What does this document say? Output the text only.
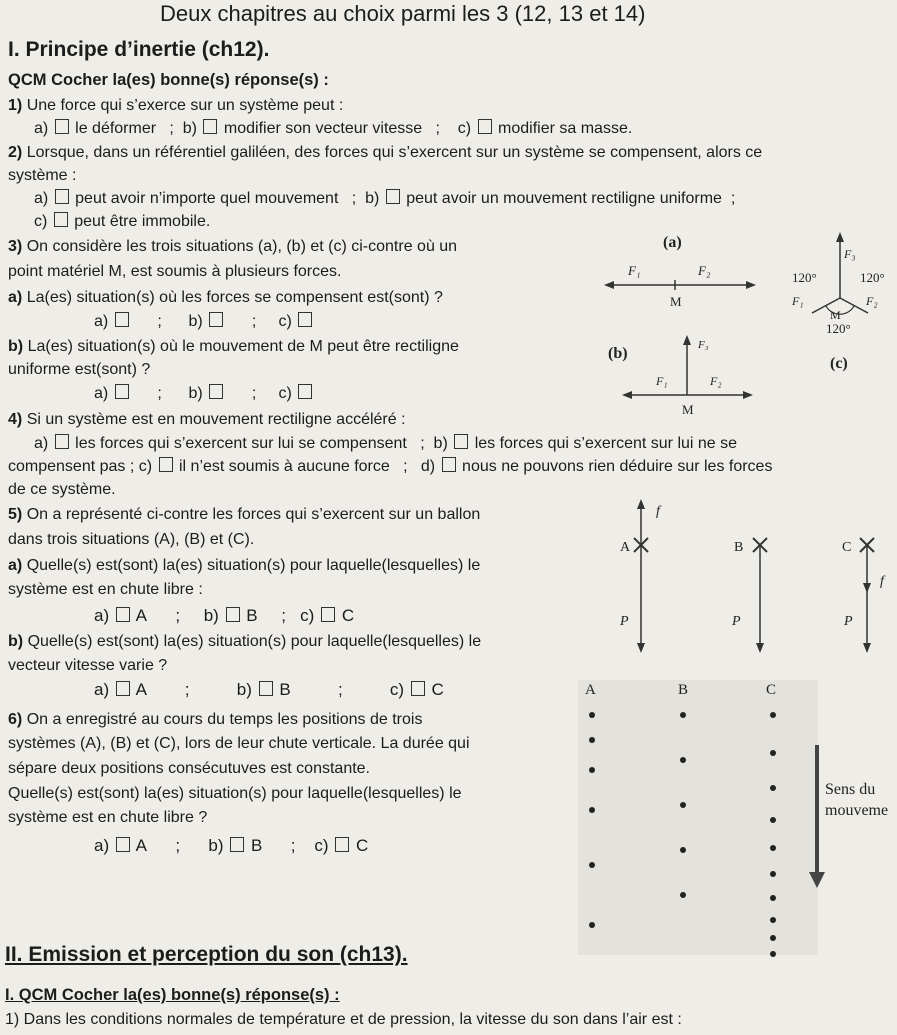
Deux chapitres au choix parmi les 3 (12, 13 et 14)
I. Principe d’inertie (ch12).
QCM Cocher la(es) bonne(s) réponse(s) :
1) Une force qui s’exerce sur un système peut :
a) le déformer ; b) modifier son vecteur vitesse ; c) modifier sa masse.
2) Lorsque, dans un référentiel galiléen, des forces qui s’exercent sur un système se compensent, alors ce
système :
a) peut avoir n’importe quel mouvement ; b) peut avoir un mouvement rectiligne uniforme ;
c) peut être immobile.
3) On considère les trois situations (a), (b) et (c) ci-contre où un
point matériel M, est soumis à plusieurs forces.
a) La(es) situation(s) où les forces se compensent est(sont) ?
a)	; b)	; c)
b) La(es) situation(s) où le mouvement de M peut être rectiligne
uniforme est(sont) ?
a)	; b)	; c)
(a)
F₁	F₂
M
F₃
120°	120°
F₁	F₂
M
120°
(c)
(b)	F₃
F₁	F₂
M
4) Si un système est en mouvement rectiligne accéléré :
a) les forces qui s’exercent sur lui se compensent ; b) les forces qui s’exercent sur lui ne se
compensent pas ; c) il n’est soumis à aucune force ; d) nous ne pouvons rien déduire sur les forces
de ce système.
5) On a représenté ci-contre les forces qui s’exercent sur un ballon
dans trois situations (A), (B) et (C).
a) Quelle(s) est(sont) la(es) situation(s) pour laquelle(lesquelles) le
système est en chute libre :
a) A ; b) B ; c) C
b) Quelle(s) est(sont) la(es) situation(s) pour laquelle(lesquelles) le
vecteur vitesse varie ?
a) A ;	b) B	;	c) C
A
f
P
B
P
C
f
P
6) On a enregistré au cours du temps les positions de trois
systèmes (A), (B) et (C), lors de leur chute verticale. La durée qui
sépare deux positions consécutuves est constante.
Quelle(s) est(sont) la(es) situation(s) pour laquelle(lesquelles) le
système est en chute libre ?
a) A ; b) B ; c) C
A	B	C
Sens du
mouveme
II. Emission et perception du son (ch13).
I. QCM Cocher la(es) bonne(s) réponse(s) :
1) Dans les conditions normales de température et de pression, la vitesse du son dans l’air est :
